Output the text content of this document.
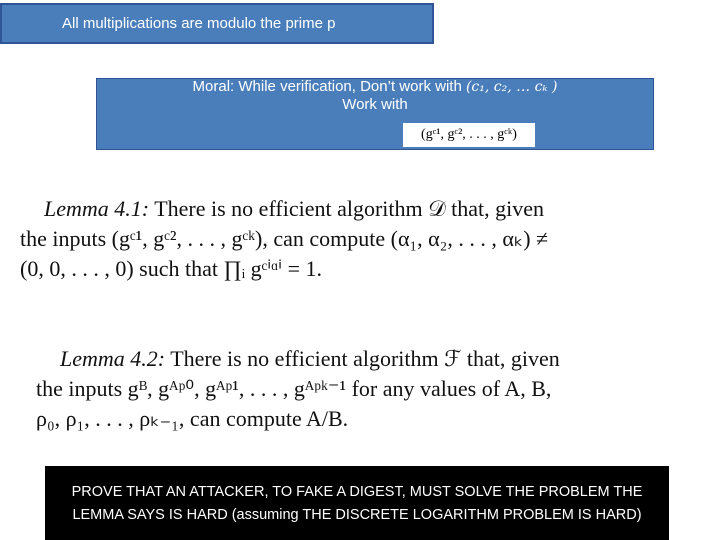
All multiplications are modulo the prime p
Moral: While verification, Don’t work with (c₁, c₂, … cₖ )
Work with
(gᶜ¹, gᶜ², . . . , gᶜᵏ)
Lemma 4.1: There is no efficient algorithm 𝒟 that, given
the inputs (gᶜ¹, gᶜ², . . . , gᶜᵏ), can compute (α₁, α₂, . . . , αₖ) ≠
(0, 0, . . . , 0) such that ∏ᵢ gᶜⁱᵅⁱ = 1.
Lemma 4.2: There is no efficient algorithm ℱ that, given
the inputs gᴮ, gᴬᵖ⁰, gᴬᵖ¹, . . . , gᴬᵖᵏ⁻¹ for any values of A, B,
ρ₀, ρ₁, . . . , ρₖ₋₁, can compute A/B.
PROVE THAT AN ATTACKER, TO FAKE A DIGEST, MUST SOLVE THE PROBLEM THE
LEMMA SAYS IS HARD (assuming THE DISCRETE LOGARITHM PROBLEM IS HARD)
